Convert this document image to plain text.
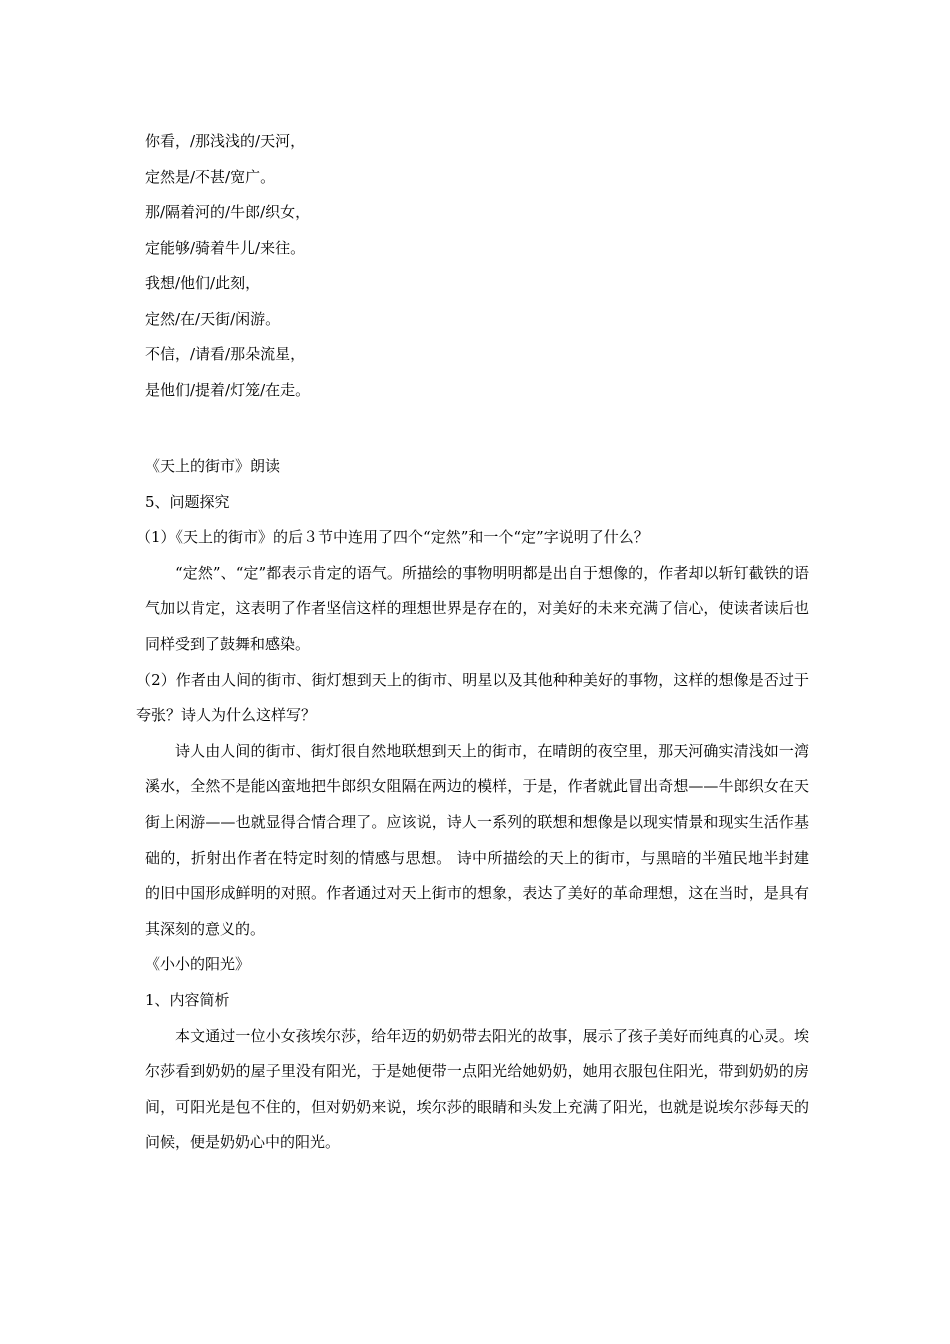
你看，/那浅浅的/天河，
定然是/不甚/宽广。
那/隔着河的/牛郎/织女，
定能够/骑着牛儿/来往。
我想/他们/此刻，
定然/在/天街/闲游。
不信，/请看/那朵流星，
是他们/提着/灯笼/在走。

《天上的街市》朗读

5、问题探究

（1）《天上的街市》的后３节中连用了四个“定然”和一个“定”字说明了什么？

“定然”、“定”都表示肯定的语气。所描绘的事物明明都是出自于想像的，作者却以斩钉截铁的语气加以肯定，这表明了作者坚信这样的理想世界是存在的，对美好的未来充满了信心，使读者读后也同样受到了鼓舞和感染。

（2）作者由人间的街市、街灯想到天上的街市、明星以及其他种种美好的事物，这样的想像是否过于夸张？诗人为什么这样写？

诗人由人间的街市、街灯很自然地联想到天上的街市，在晴朗的夜空里，那天河确实清浅如一湾溪水，全然不是能凶蛮地把牛郎织女阻隔在两边的模样，于是，作者就此冒出奇想——牛郎织女在天街上闲游——也就显得合情合理了。应该说，诗人一系列的联想和想像是以现实情景和现实生活作基础的，折射出作者在特定时刻的情感与思想。 诗中所描绘的天上的街市，与黑暗的半殖民地半封建的旧中国形成鲜明的对照。作者通过对天上街市的想象，表达了美好的革命理想，这在当时，是具有其深刻的意义的。

《小小的阳光》

1、内容简析

本文通过一位小女孩埃尔莎，给年迈的奶奶带去阳光的故事，展示了孩子美好而纯真的心灵。埃尔莎看到奶奶的屋子里没有阳光，于是她便带一点阳光给她奶奶，她用衣服包住阳光，带到奶奶的房间，可阳光是包不住的，但对奶奶来说，埃尔莎的眼睛和头发上充满了阳光，也就是说埃尔莎每天的问候，便是奶奶心中的阳光。
